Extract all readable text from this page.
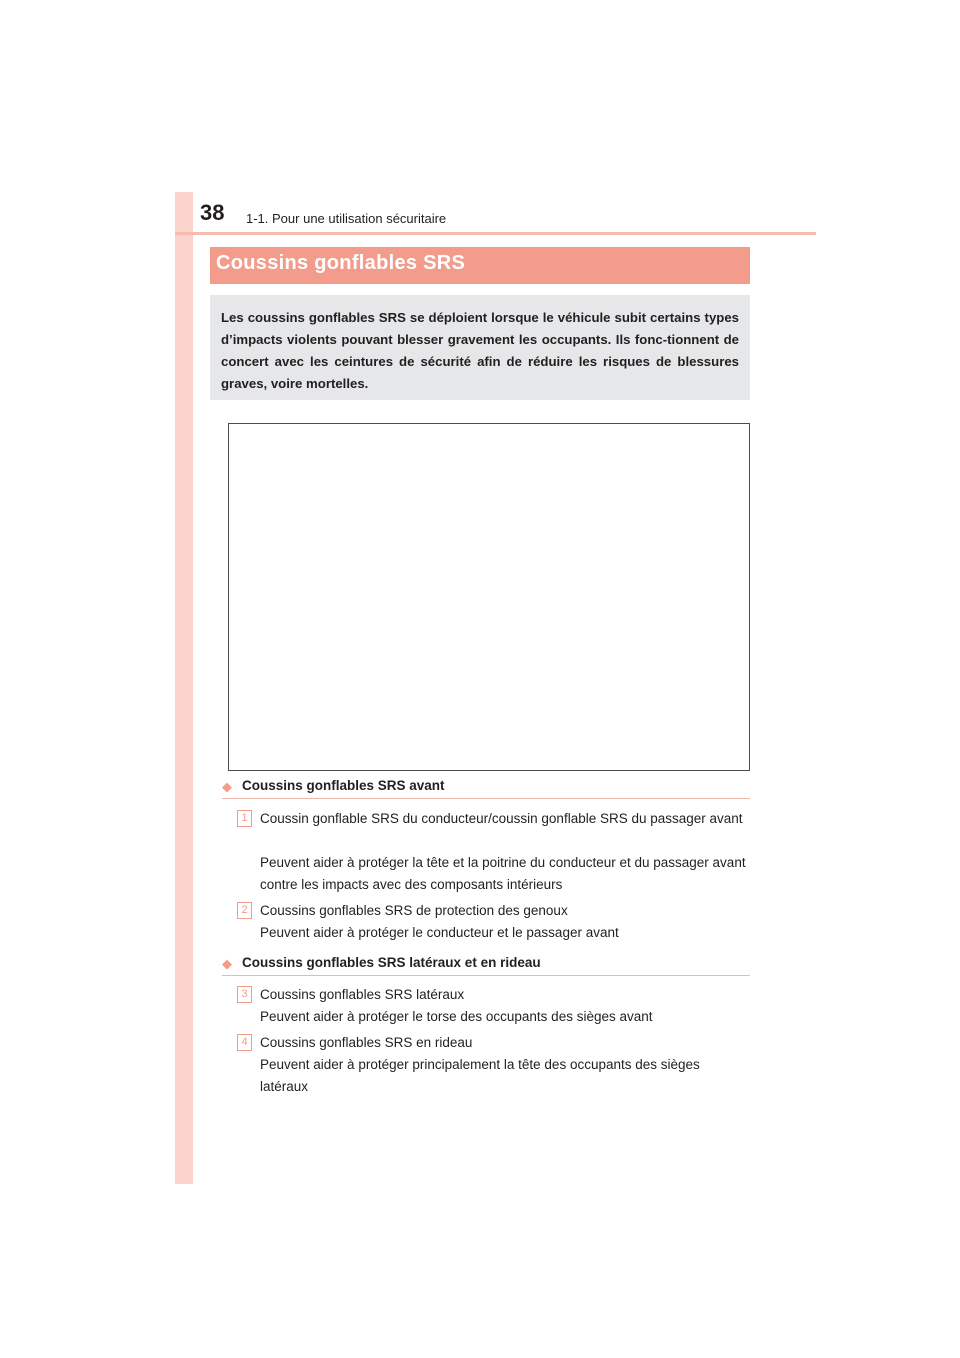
38 1-1. Pour une utilisation sécuritaire
Coussins gonflables SRS
Les coussins gonflables SRS se déploient lorsque le véhicule subit certains types d’impacts violents pouvant blesser gravement les occupants. Ils fonc-tionnent de concert avec les ceintures de sécurité afin de réduire les risques de blessures graves, voire mortelles.
◆ Coussins gonflables SRS avant
1 Coussin gonflable SRS du conducteur/coussin gonflable SRS du passager avant
Peuvent aider à protéger la tête et la poitrine du conducteur et du passager avant contre les impacts avec des composants intérieurs
2 Coussins gonflables SRS de protection des genoux
Peuvent aider à protéger le conducteur et le passager avant
◆ Coussins gonflables SRS latéraux et en rideau
3 Coussins gonflables SRS latéraux
Peuvent aider à protéger le torse des occupants des sièges avant
4 Coussins gonflables SRS en rideau
Peuvent aider à protéger principalement la tête des occupants des sièges latéraux
